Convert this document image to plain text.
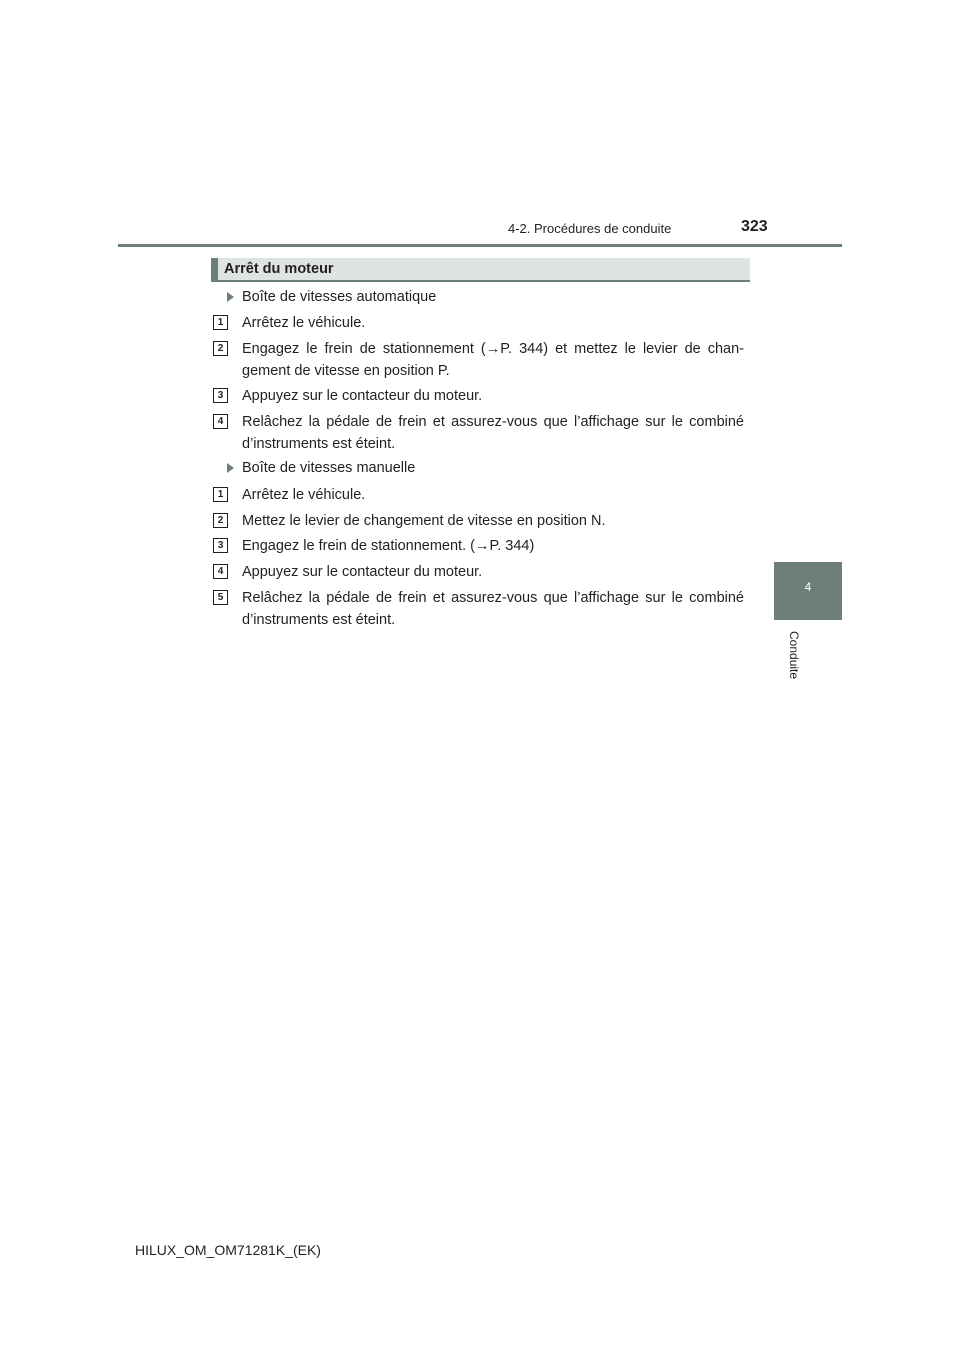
4-2. Procédures de conduite	323
4
Conduite
Arrêt du moteur
Boîte de vitesses automatique
1	Arrêtez le véhicule.
2	Engagez le frein de stationnement (→P. 344) et mettez le levier de chan-
gement de vitesse en position P.
3	Appuyez sur le contacteur du moteur.
4	Relâchez la pédale de frein et assurez-vous que l’affichage sur le combiné
d’instruments est éteint.
Boîte de vitesses manuelle
1	Arrêtez le véhicule.
2	Mettez le levier de changement de vitesse en position N.
3	Engagez le frein de stationnement. (→P. 344)
4	Appuyez sur le contacteur du moteur.
5	Relâchez la pédale de frein et assurez-vous que l’affichage sur le combiné
d’instruments est éteint.
HILUX_OM_OM71281K_(EK)
